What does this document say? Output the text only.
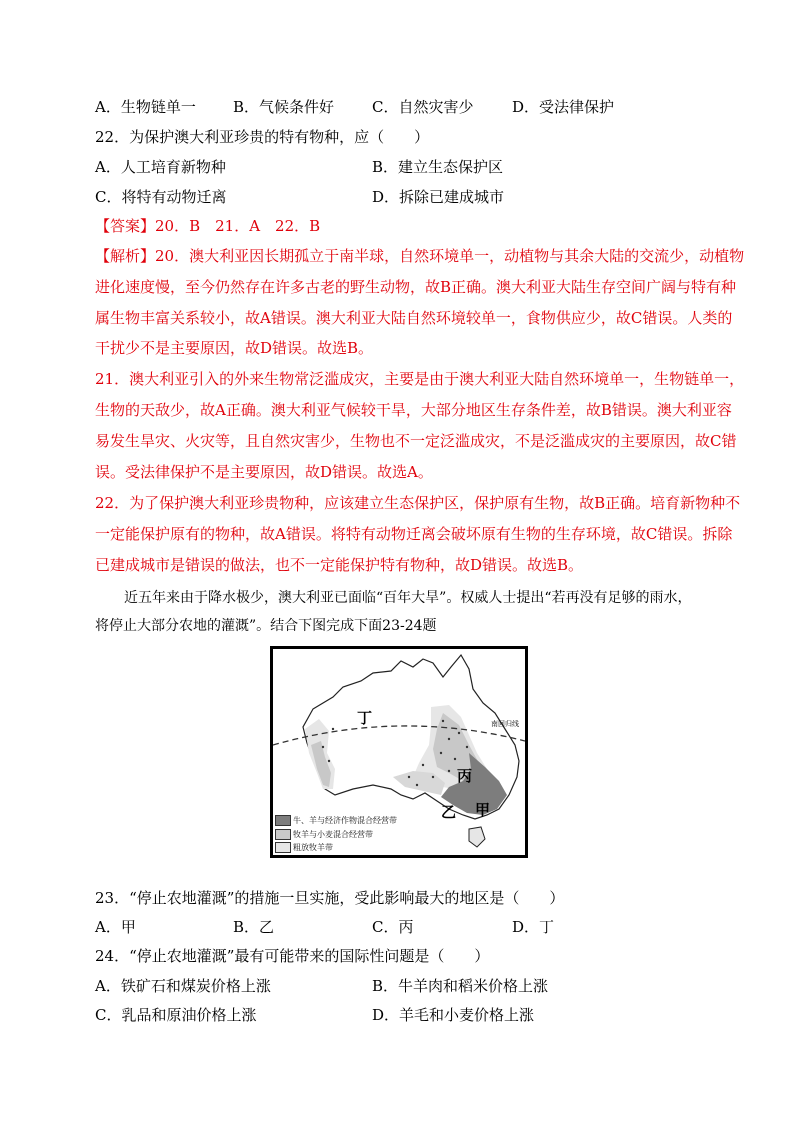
A．生物链单一 B．气候条件好	C．自然灾害少	D．受法律保护
22．为保护澳大利亚珍贵的特有物种，应（　　）
A．人工培育新物种	B．建立生态保护区
C．将特有动物迁离	D．拆除已建成城市
【答案】20．B　21．A　22．B
【解析】20．澳大利亚因长期孤立于南半球，自然环境单一，动植物与其余大陆的交流少，动植物
进化速度慢，至今仍然存在许多古老的野生动物，故B正确。澳大利亚大陆生存空间广阔与特有种
属生物丰富关系较小，故A错误。澳大利亚大陆自然环境较单一，食物供应少，故C错误。人类的
干扰少不是主要原因，故D错误。故选B。
21．澳大利亚引入的外来生物常泛滥成灾，主要是由于澳大利亚大陆自然环境单一，生物链单一，
生物的天敌少，故A正确。澳大利亚气候较干旱，大部分地区生存条件差，故B错误。澳大利亚容
易发生旱灾、火灾等，且自然灾害少，生物也不一定泛滥成灾，不是泛滥成灾的主要原因，故C错
误。受法律保护不是主要原因，故D错误。故选A。
22．为了保护澳大利亚珍贵物种，应该建立生态保护区，保护原有生物，故B正确。培育新物种不
一定能保护原有的物种，故A错误。将特有动物迁离会破坏原有生物的生存环境，故C错误。拆除
已建成城市是错误的做法，也不一定能保护特有物种，故D错误。故选B。
近五年来由于降水极少，澳大利亚已面临“百年大旱”。权威人士提出“若再没有足够的雨水，
将停止大部分农地的灌溉”。结合下图完成下面23-24题
丁
丙
乙 甲
南回归线
牛、羊与经济作物混合经营带
牧羊与小麦混合经营带
粗放牧羊带
23．“停止农地灌溉”的措施一旦实施，受此影响最大的地区是（　　）
A．甲	B．乙	C．丙	D．丁
24．“停止农地灌溉”最有可能带来的国际性问题是（　　）
A．铁矿石和煤炭价格上涨	B．牛羊肉和稻米价格上涨
C．乳品和原油价格上涨	D．羊毛和小麦价格上涨
